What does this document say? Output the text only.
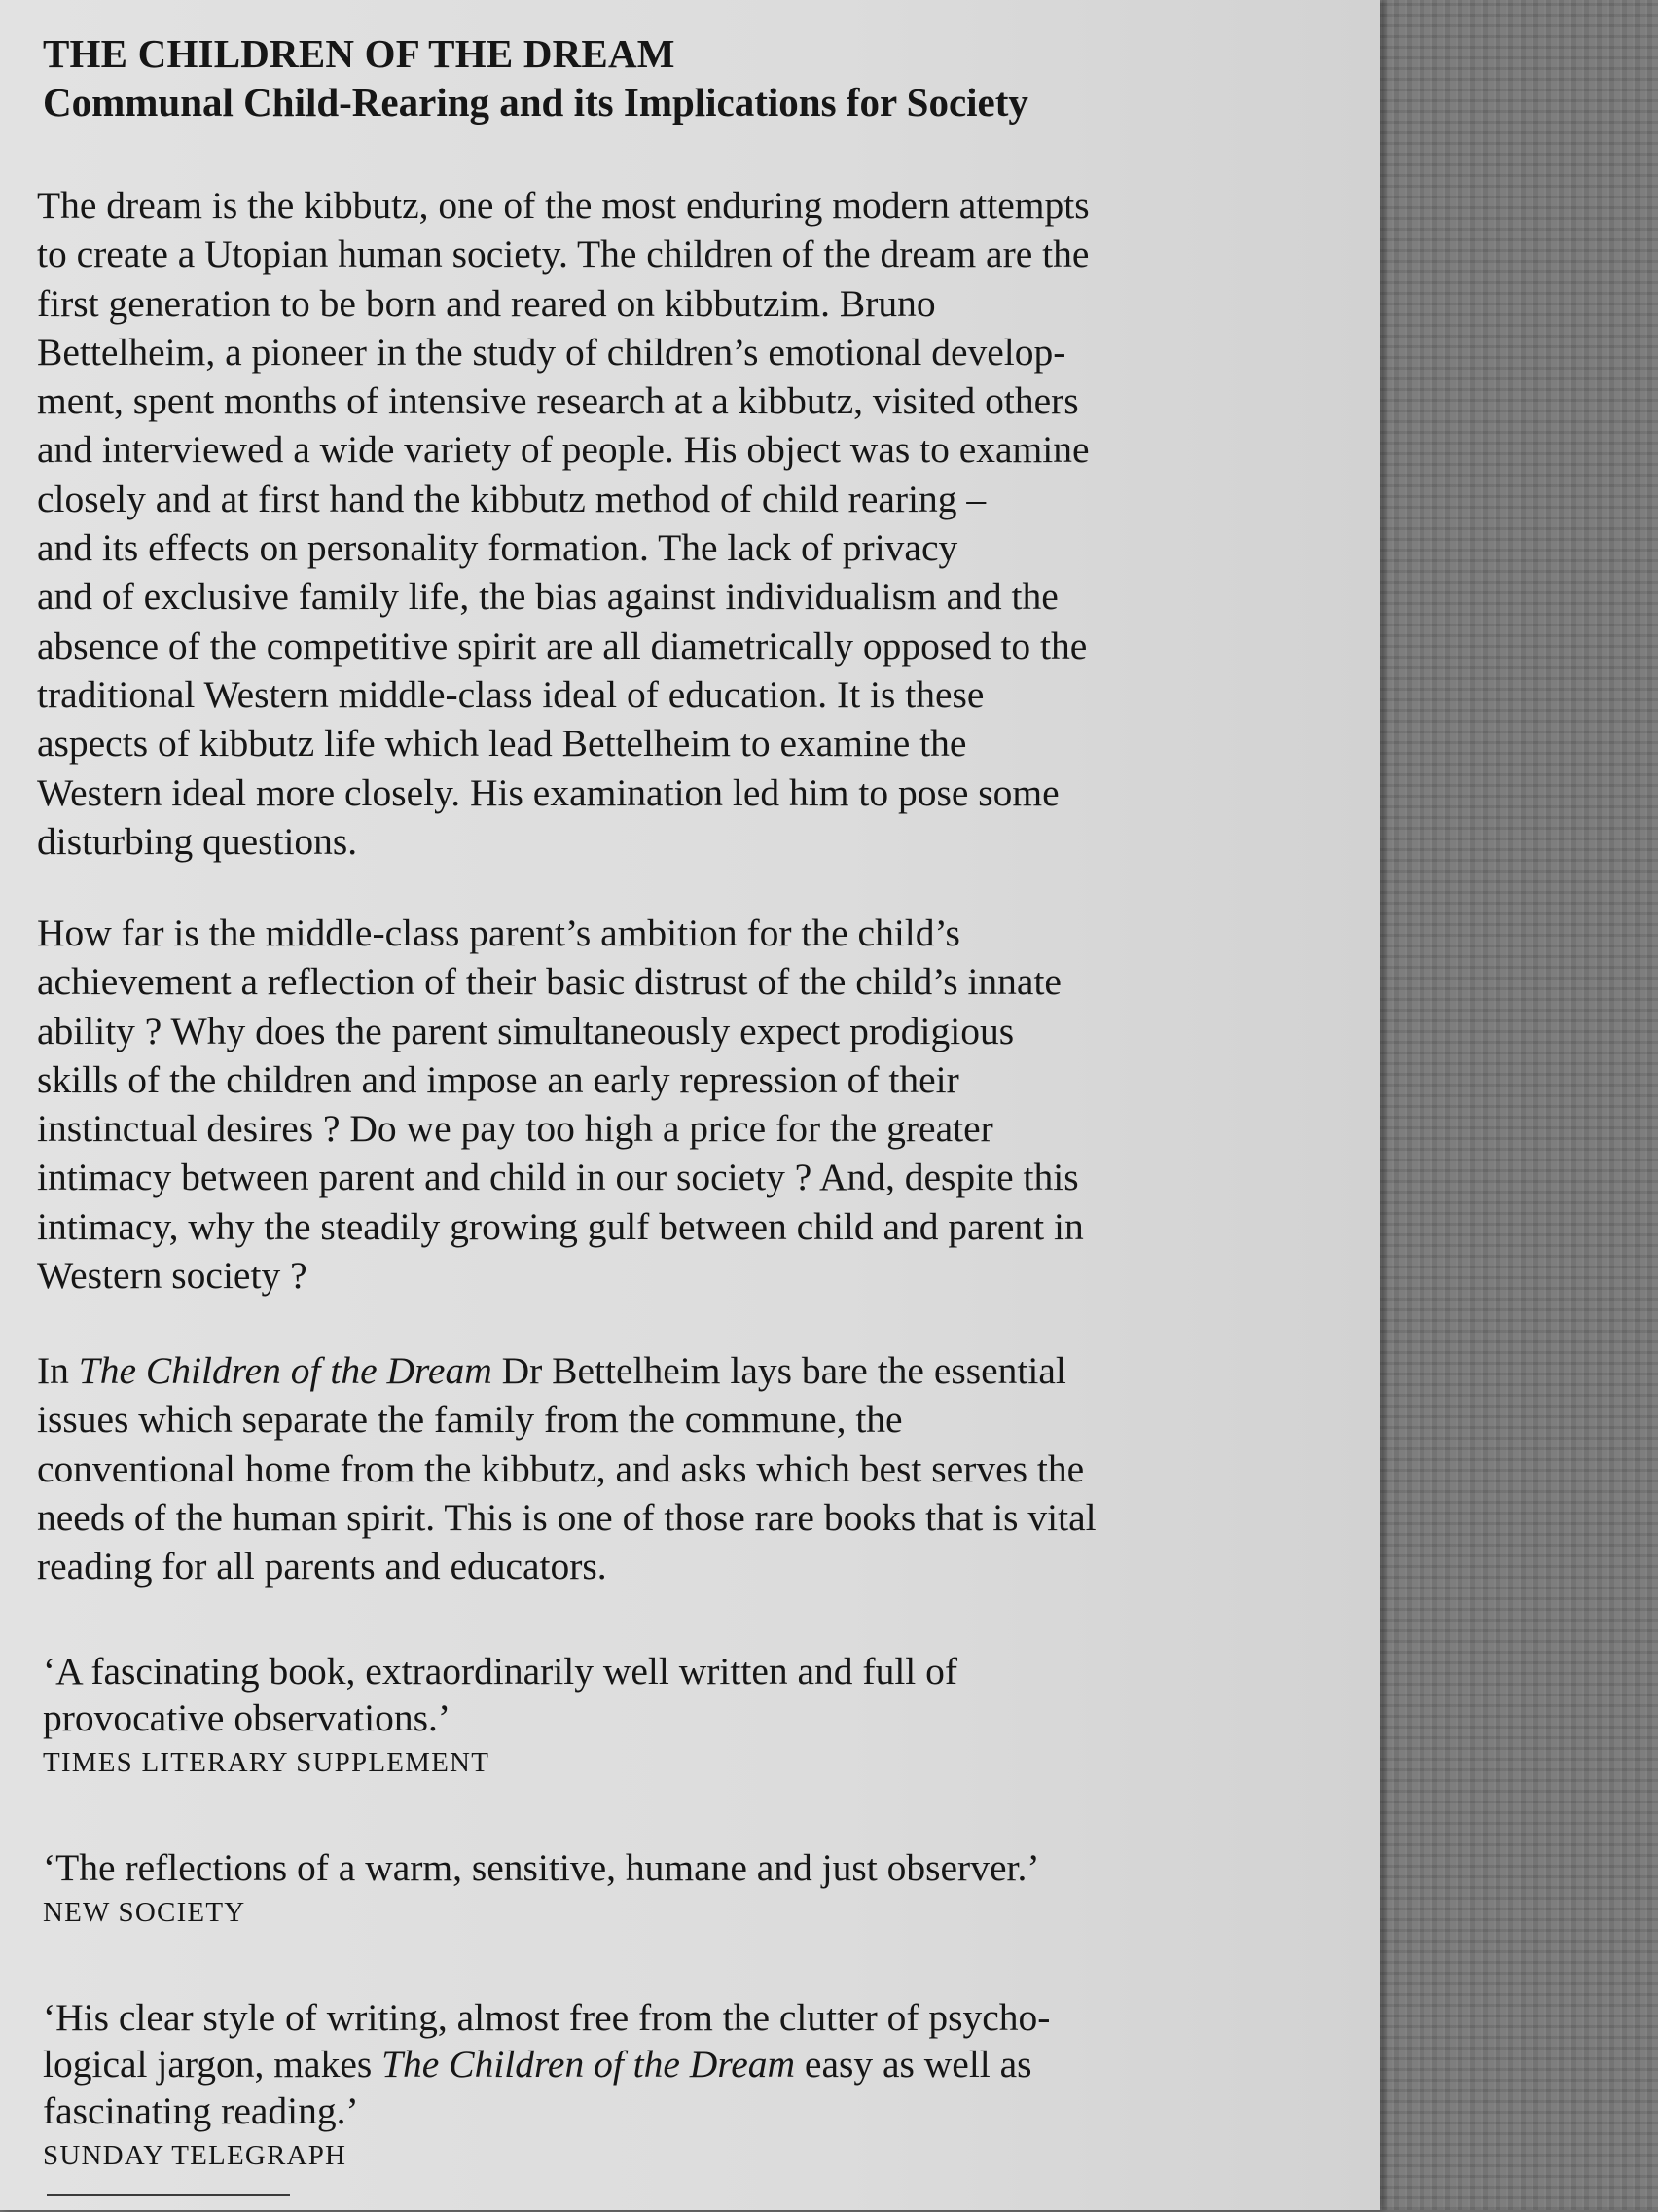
THE CHILDREN OF THE DREAM
Communal Child-Rearing and its Implications for Society
The dream is the kibbutz, one of the most enduring modern attempts
to create a Utopian human society. The children of the dream are the
first generation to be born and reared on kibbutzim. Bruno
Bettelheim, a pioneer in the study of children’s emotional develop-
ment, spent months of intensive research at a kibbutz, visited others
and interviewed a wide variety of people. His object was to examine
closely and at first hand the kibbutz method of child rearing –
and its effects on personality formation. The lack of privacy
and of exclusive family life, the bias against individualism and the
absence of the competitive spirit are all diametrically opposed to the
traditional Western middle-class ideal of education. It is these
aspects of kibbutz life which lead Bettelheim to examine the
Western ideal more closely. His examination led him to pose some
disturbing questions.
How far is the middle-class parent’s ambition for the child’s
achievement a reflection of their basic distrust of the child’s innate
ability ? Why does the parent simultaneously expect prodigious
skills of the children and impose an early repression of their
instinctual desires ? Do we pay too high a price for the greater
intimacy between parent and child in our society ? And, despite this
intimacy, why the steadily growing gulf between child and parent in
Western society ?
In The Children of the Dream Dr Bettelheim lays bare the essential
issues which separate the family from the commune, the
conventional home from the kibbutz, and asks which best serves the
needs of the human spirit. This is one of those rare books that is vital
reading for all parents and educators.
‘A fascinating book, extraordinarily well written and full of
provocative observations.’
TIMES LITERARY SUPPLEMENT
‘The reflections of a warm, sensitive, humane and just observer.’
NEW SOCIETY
‘His clear style of writing, almost free from the clutter of psycho-
logical jargon, makes The Children of the Dream easy as well as
fascinating reading.’
SUNDAY TELEGRAPH
